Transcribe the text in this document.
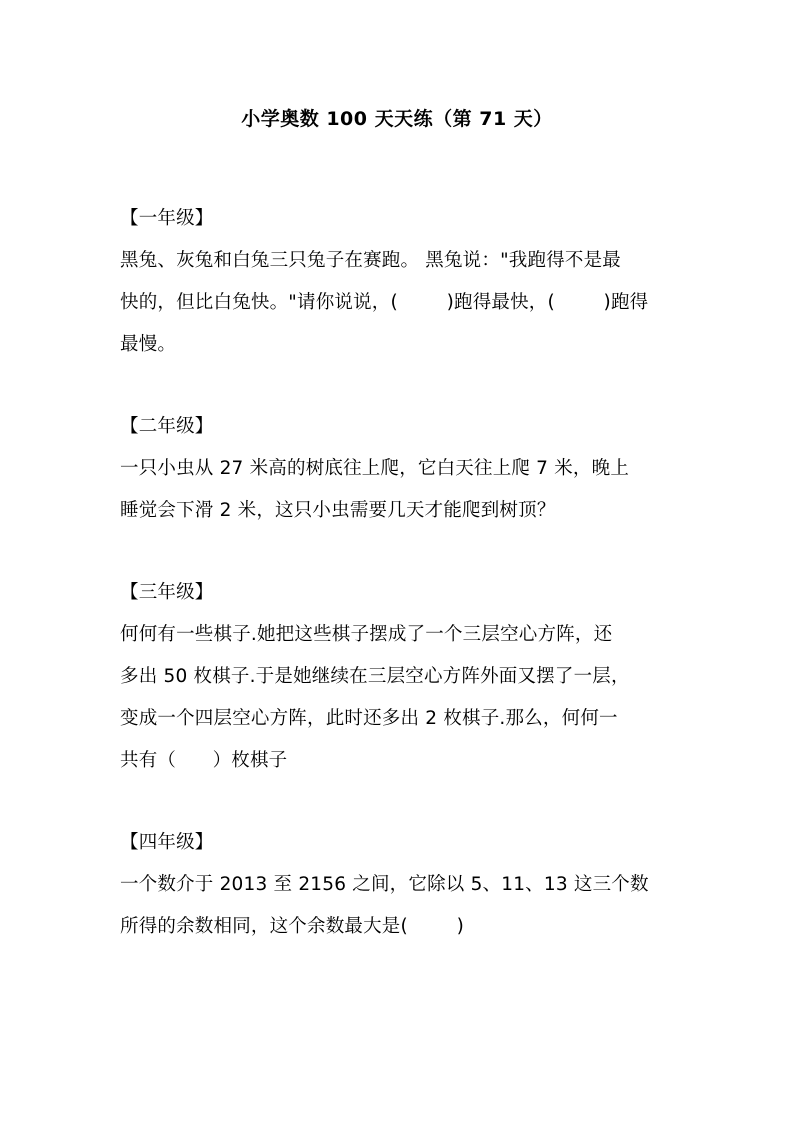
小学奥数 100 天天练（第 71 天）
【一年级】
黑兔、灰兔和白兔三只兔子在赛跑。 黑兔说："我跑得不是最
快的，但比白兔快。"请你说说，(        )跑得最快，(        )跑得
最慢。
【二年级】
一只小虫从 27 米高的树底往上爬，它白天往上爬 7 米，晚上
睡觉会下滑 2 米，这只小虫需要几天才能爬到树顶？
【三年级】
何何有一些棋子.她把这些棋子摆成了一个三层空心方阵，还
多出 50 枚棋子.于是她继续在三层空心方阵外面又摆了一层，
变成一个四层空心方阵，此时还多出 2 枚棋子.那么，何何一
共有（      ）枚棋子
【四年级】
一个数介于 2013 至 2156 之间，它除以 5、11、13 这三个数
所得的余数相同，这个余数最大是(        )
